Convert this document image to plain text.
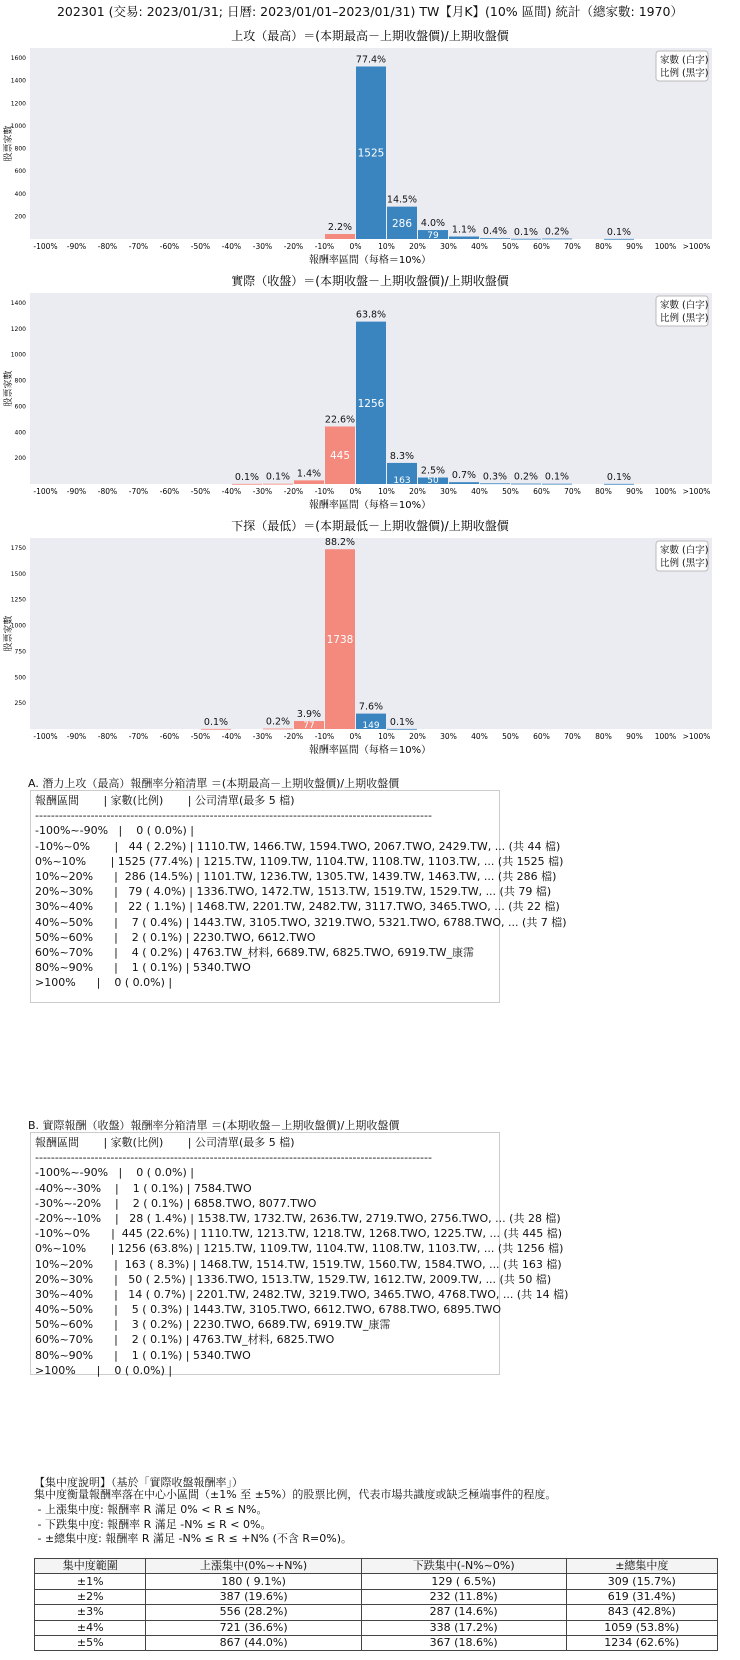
202301 (交易: 2023/01/31; 日曆: 2023/01/01–2023/01/31) TW【月K】(10% 區間) 統計（總家數: 1970）
上攻（最高）＝(本期最高－上期收盤價)/上期收盤價
200
400
600
800
1000
1200
1400
1600
-100% -90% -80% -70% -60% -50% -40% -30% -20% -10% 0% 10% 20% 30% 40% 50% 60% 70% 80% 90% 100% >100%
報酬率區間（每格＝10%）
股票家數
家數 (白字)
比例 (黑字)
2.2%
77.4%
1525
14.5%
286 4.0%
79
1.1% 0.4% 0.1% 0.2%	0.1%
實際（收盤）＝(本期收盤－上期收盤價)/上期收盤價
200
400
600
800
1000
1200
1400
-100% -90% -80% -70% -60% -50% -40% -30% -20% -10% 0% 10% 20% 30% 40% 50% 60% 70% 80% 90% 100% >100%
報酬率區間（每格＝10%）
股票家數
家數 (白字)
比例 (黑字)
0.1% 0.1% 1.4%
22.6%
445
63.8%
1256
8.3%
163
2.5%
50 0.7% 0.3% 0.2% 0.1%	0.1%
下探（最低）＝(本期最低－上期收盤價)/上期收盤價
250
500
750
1000
1250
1500
1750
-100% -90% -80% -70% -60% -50% -40% -30% -20% -10% 0% 10% 20% 30% 40% 50% 60% 70% 80% 90% 100% >100%
報酬率區間（每格＝10%）
股票家數
家數 (白字)
比例 (黑字)
0.1%	0.2%
3.9%
77
88.2%
1738
7.6%
149 0.1%
A. 潛力上攻（最高）報酬率分箱清單 ＝(本期最高－上期收盤價)/上期收盤價
報酬區間       | 家數(比例)       | 公司清單(最多 5 檔)
----------------------------------------------------------------------------------------------------
-100%~-90%   |    0 ( 0.0%) |
-10%~0%       |   44 ( 2.2%) | 1110.TW, 1466.TW, 1594.TWO, 2067.TWO, 2429.TW, ... (共 44 檔)
0%~10%       | 1525 (77.4%) | 1215.TW, 1109.TW, 1104.TW, 1108.TW, 1103.TW, ... (共 1525 檔)
10%~20%      |  286 (14.5%) | 1101.TW, 1236.TW, 1305.TW, 1439.TW, 1463.TW, ... (共 286 檔)
20%~30%      |   79 ( 4.0%) | 1336.TWO, 1472.TW, 1513.TW, 1519.TW, 1529.TW, ... (共 79 檔)
30%~40%      |   22 ( 1.1%) | 1468.TW, 2201.TW, 2482.TW, 3117.TWO, 3465.TWO, ... (共 22 檔)
40%~50%      |    7 ( 0.4%) | 1443.TW, 3105.TWO, 3219.TWO, 5321.TWO, 6788.TWO, ... (共 7 檔)
50%~60%      |    2 ( 0.1%) | 2230.TWO, 6612.TWO
60%~70%      |    4 ( 0.2%) | 4763.TW_材料, 6689.TW, 6825.TWO, 6919.TW_康霈
80%~90%      |    1 ( 0.1%) | 5340.TWO
>100%      |    0 ( 0.0%) |
B. 實際報酬（收盤）報酬率分箱清單 ＝(本期收盤－上期收盤價)/上期收盤價
報酬區間       | 家數(比例)       | 公司清單(最多 5 檔)
----------------------------------------------------------------------------------------------------
-100%~-90%   |    0 ( 0.0%) |
-40%~-30%    |    1 ( 0.1%) | 7584.TWO
-30%~-20%    |    2 ( 0.1%) | 6858.TWO, 8077.TWO
-20%~-10%    |   28 ( 1.4%) | 1538.TW, 1732.TW, 2636.TW, 2719.TWO, 2756.TWO, ... (共 28 檔)
-10%~0%      |  445 (22.6%) | 1110.TW, 1213.TW, 1218.TW, 1268.TWO, 1225.TW, ... (共 445 檔)
0%~10%       | 1256 (63.8%) | 1215.TW, 1109.TW, 1104.TW, 1108.TW, 1103.TW, ... (共 1256 檔)
10%~20%      |  163 ( 8.3%) | 1468.TW, 1514.TW, 1519.TW, 1560.TW, 1584.TWO, ... (共 163 檔)
20%~30%      |   50 ( 2.5%) | 1336.TWO, 1513.TW, 1529.TW, 1612.TW, 2009.TW, ... (共 50 檔)
30%~40%      |   14 ( 0.7%) | 2201.TW, 2482.TW, 3219.TWO, 3465.TWO, 4768.TWO, ... (共 14 檔)
40%~50%      |    5 ( 0.3%) | 1443.TW, 3105.TWO, 6612.TWO, 6788.TWO, 6895.TWO
50%~60%      |    3 ( 0.2%) | 2230.TWO, 6689.TW, 6919.TW_康霈
60%~70%      |    2 ( 0.1%) | 4763.TW_材料, 6825.TWO
80%~90%      |    1 ( 0.1%) | 5340.TWO
>100%      |    0 ( 0.0%) |
【集中度說明】（基於「實際收盤報酬率」）
集中度衡量報酬率落在中心小區間（±1% 至 ±5%）的股票比例，代表市場共識度或缺乏極端事件的程度。
- 上漲集中度: 報酬率 R 滿足 0% < R ≤ N%。
- 下跌集中度: 報酬率 R 滿足 -N% ≤ R < 0%。
- ±總集中度: 報酬率 R 滿足 -N% ≤ R ≤ +N% (不含 R=0%)。
集中度範圍	上漲集中(0%~+N%)	下跌集中(-N%~0%)	±總集中度
±1%	180 ( 9.1%)	129 ( 6.5%)	309 (15.7%)
±2%	387 (19.6%)	232 (11.8%)	619 (31.4%)
±3%	556 (28.2%)	287 (14.6%)	843 (42.8%)
±4%	721 (36.6%)	338 (17.2%)	1059 (53.8%)
±5%	867 (44.0%)	367 (18.6%)	1234 (62.6%)
